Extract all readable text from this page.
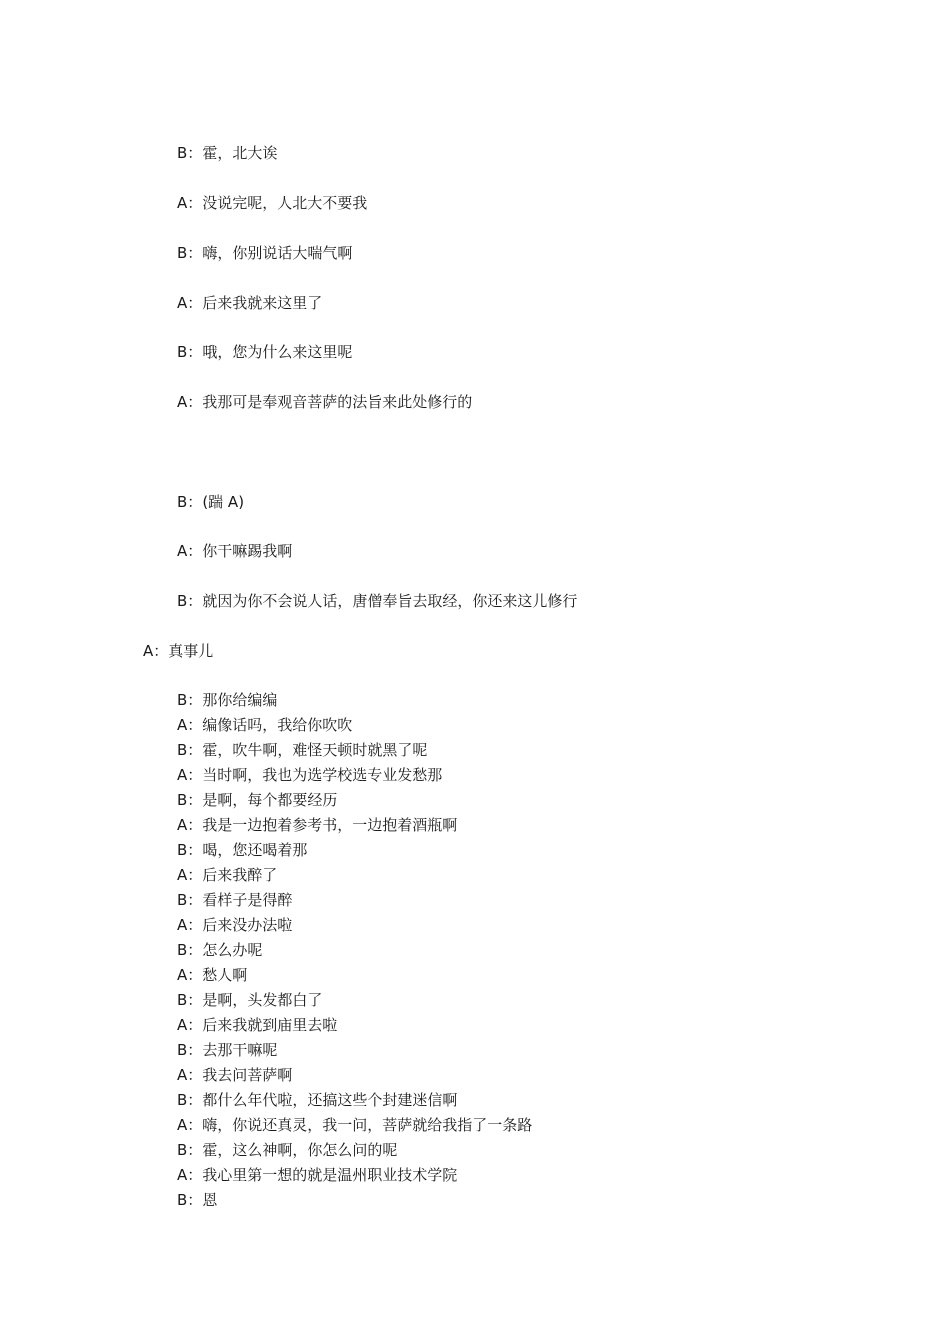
B：霍，北大诶
A：没说完呢，人北大不要我
B：嗨，你别说话大喘气啊
A：后来我就来这里了
B：哦，您为什么来这里呢
A：我那可是奉观音菩萨的法旨来此处修行的
B：(踹 A)
A：你干嘛踢我啊
B：就因为你不会说人话，唐僧奉旨去取经，你还来这儿修行
A：真事儿
B：那你给编编
A：编像话吗，我给你吹吹
B：霍，吹牛啊，难怪天顿时就黑了呢
A：当时啊，我也为选学校选专业发愁那
B：是啊，每个都要经历
A：我是一边抱着参考书，一边抱着酒瓶啊
B：喝，您还喝着那
A：后来我醉了
B：看样子是得醉
A：后来没办法啦
B：怎么办呢
A：愁人啊
B：是啊，头发都白了
A：后来我就到庙里去啦
B：去那干嘛呢
A：我去问菩萨啊
B：都什么年代啦，还搞这些个封建迷信啊
A：嗨，你说还真灵，我一问，菩萨就给我指了一条路
B：霍，这么神啊，你怎么问的呢
A：我心里第一想的就是温州职业技术学院
B：恩
